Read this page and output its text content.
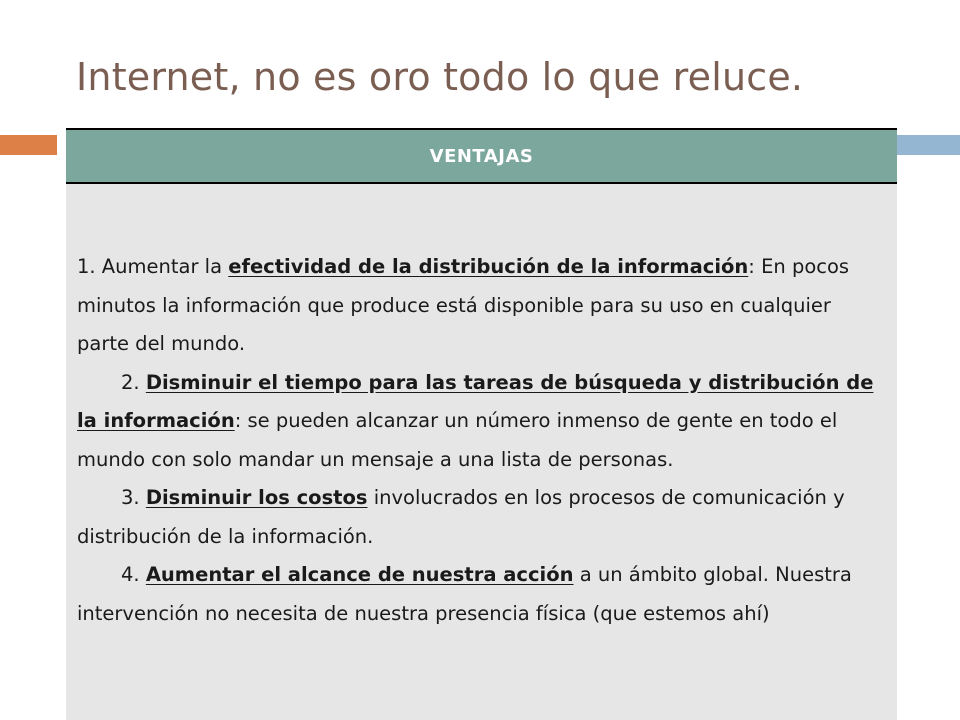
Internet, no es oro todo lo que reluce.
VENTAJAS

1. Aumentar la efectividad de la distribución de la información: En pocos minutos la información que produce está disponible para su uso en cualquier parte del mundo.

2. Disminuir el tiempo para las tareas de búsqueda y distribución de la información: se pueden alcanzar un número inmenso de gente en todo el mundo con solo mandar un mensaje a una lista de personas.

3. Disminuir los costos involucrados en los procesos de comunicación y distribución de la información.

4. Aumentar el alcance de nuestra acción a un ámbito global. Nuestra intervención no necesita de nuestra presencia física (que estemos ahí)
